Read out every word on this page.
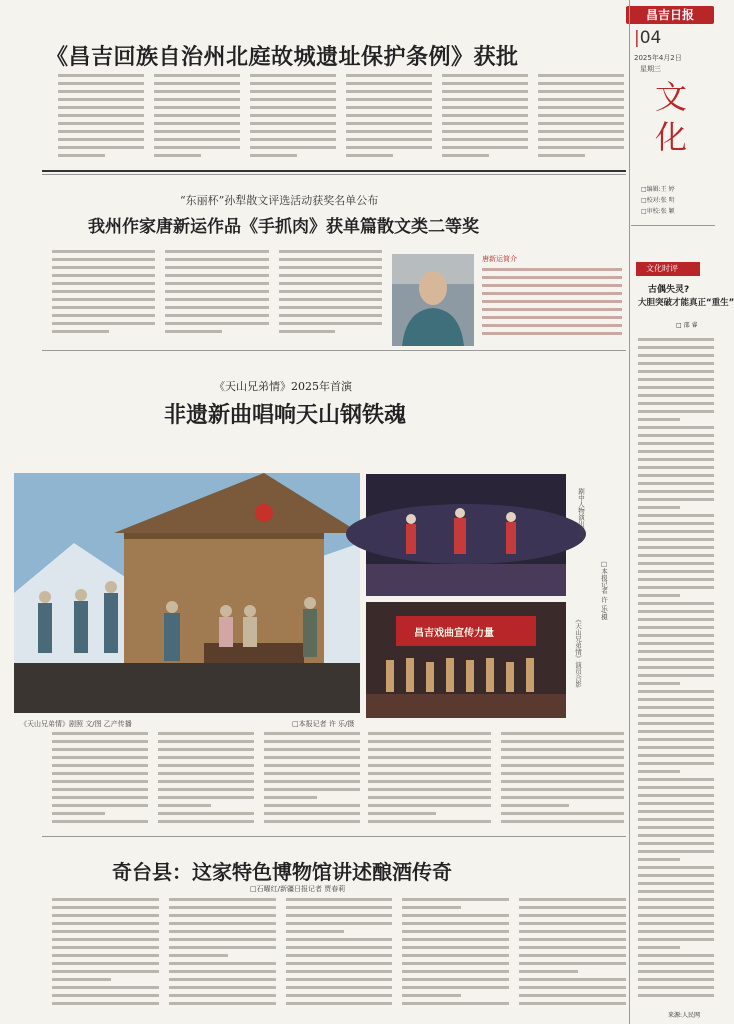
昌吉日报
|04
2025年4月2日
星期三
文化
□编辑:王 婷
□校对:张 明
□审校:张 颖
文化时评
古偶失灵?
大胆突破才能真正“重生”
□ 邵 睿
来源:人民网
《昌吉回族自治州北庭故城遗址保护条例》获批
“东丽杯”孙犁散文评选活动获奖名单公布
我州作家唐新运作品《手抓肉》获单篇散文类二等奖
唐新运简介
《天山兄弟情》2025年首演
非遗新曲唱响天山钢铁魂
《天山兄弟情》剧照 文/图 乙产传播	□本报记者 许 乐/摄
昌吉戏曲宣传力量
剧中人物演出现场
□本报记者 许 乐/摄
《天山兄弟情》演员合影
奇台县：这家特色博物馆讲述酿酒传奇
□石曜红/新疆日报记者 贾春莉
